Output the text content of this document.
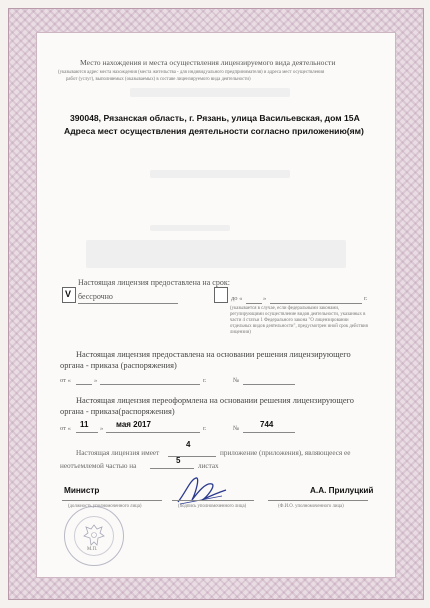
Место нахождения и места осуществления лицензируемого вида деятельности
(указываются адрес места нахождения (места жительства - для индивидуального предпринимателя) и адреса мест осуществления
работ (услуг), выполняемых (оказываемых) в составе лицензируемого вида деятельности)
390048, Рязанская область, г. Рязань, улица Васильевская, дом 15А
Адреса мест осуществления деятельности согласно приложению(ям)
Настоящая лицензия предоставлена на срок:
V бессрочно	до «	»	г.
(указывается в случае, если федеральными законами, регулирующими осуществление видов деятельности, указанных в части 4 статьи 1 Федерального закона "О лицензировании отдельных видов деятельности", предусмотрен иной срок действия лицензии)
Настоящая лицензия предоставлена на основании решения лицензирующего
органа - приказа (распоряжения)
от «	»	г.	№
Настоящая лицензия переоформлена на основании решения лицензирующего
органа - приказа(распоряжения)
от « 11 » мая 2017	г.	№	744
Настоящая лицензия имеет
4
приложение (приложения), являющееся ее
неотъемлемой частью на
5
листах
Министр
(должность уполномоченного лица)	(подпись уполномоченного лица)
А.А. Прилуцкий
(Ф.И.О. уполномоченного лица)
М.П.
